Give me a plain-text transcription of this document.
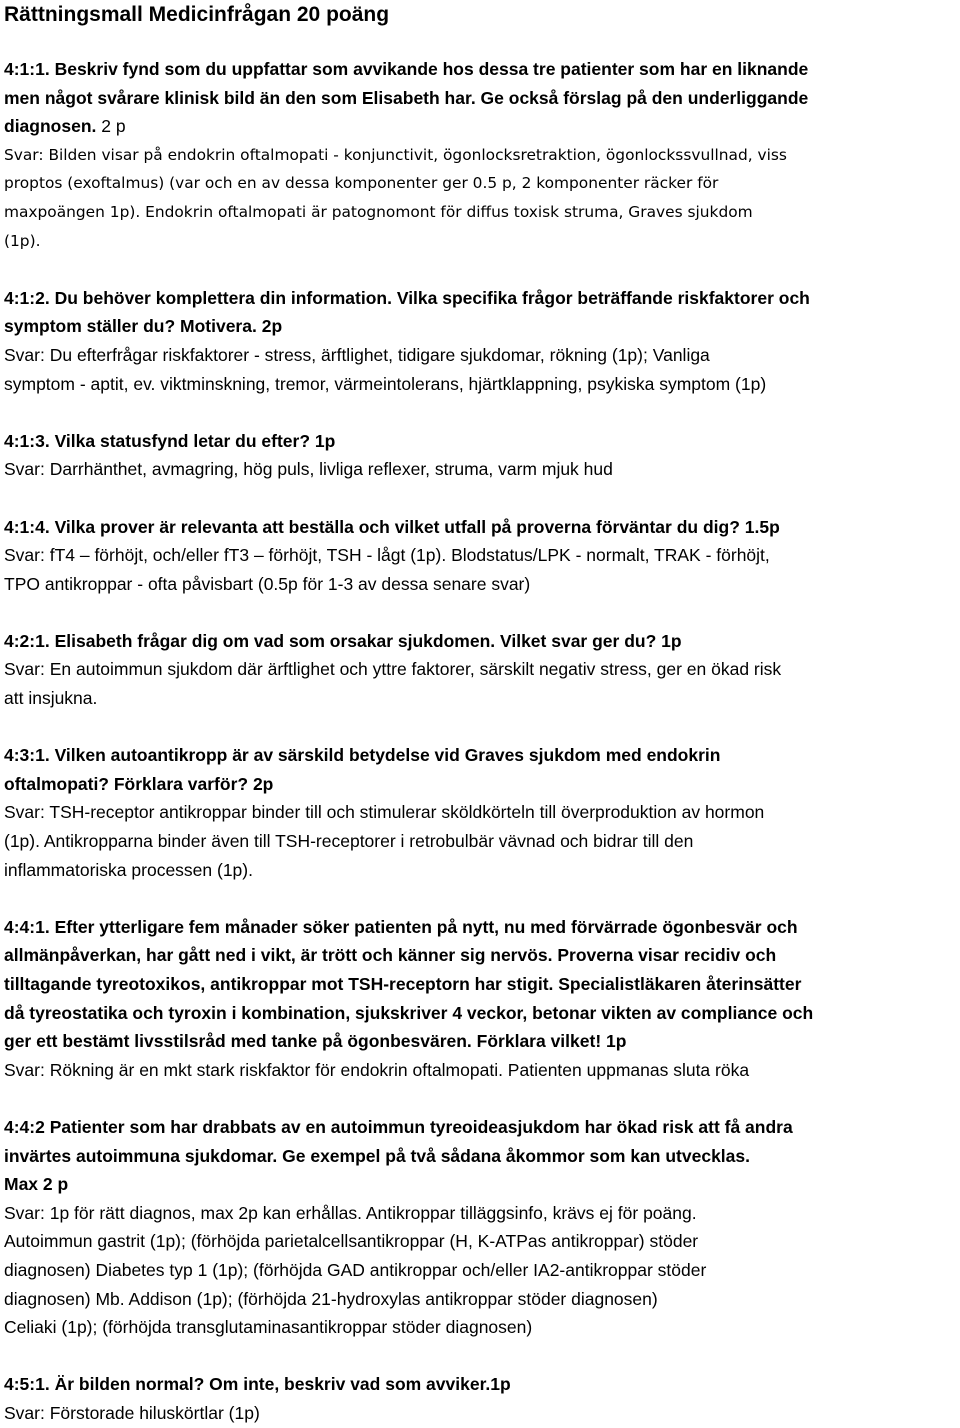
Rättningsmall Medicinfrågan 20 poäng
4:1:1. Beskriv fynd som du uppfattar som avvikande hos dessa tre patienter som har en liknande
men något svårare klinisk bild än den som Elisabeth har. Ge också förslag på den underliggande
diagnosen. 2 p
Svar: Bilden visar på endokrin oftalmopati - konjunctivit, ögonlocksretraktion, ögonlockssvullnad, viss
proptos (exoftalmus) (var och en av dessa komponenter ger 0.5 p, 2 komponenter räcker för
maxpoängen 1p). Endokrin oftalmopati är patognomont för diffus toxisk struma, Graves sjukdom
(1p).
4:1:2. Du behöver komplettera din information. Vilka specifika frågor beträffande riskfaktorer och
symptom ställer du? Motivera. 2p
Svar: Du efterfrågar riskfaktorer - stress, ärftlighet, tidigare sjukdomar, rökning (1p); Vanliga
symptom - aptit, ev. viktminskning, tremor, värmeintolerans, hjärtklappning, psykiska symptom (1p)
4:1:3. Vilka statusfynd letar du efter? 1p
Svar: Darrhänthet, avmagring, hög puls, livliga reflexer, struma, varm mjuk hud
4:1:4. Vilka prover är relevanta att beställa och vilket utfall på proverna förväntar du dig? 1.5p
Svar: fT4 – förhöjt, och/eller fT3 – förhöjt, TSH - lågt (1p). Blodstatus/LPK - normalt, TRAK - förhöjt,
TPO antikroppar - ofta påvisbart (0.5p för 1-3 av dessa senare svar)
4:2:1. Elisabeth frågar dig om vad som orsakar sjukdomen. Vilket svar ger du? 1p
Svar: En autoimmun sjukdom där ärftlighet och yttre faktorer, särskilt negativ stress, ger en ökad risk
att insjukna.
4:3:1. Vilken autoantikropp är av särskild betydelse vid Graves sjukdom med endokrin
oftalmopati? Förklara varför? 2p
Svar: TSH-receptor antikroppar binder till och stimulerar sköldkörteln till överproduktion av hormon
(1p). Antikropparna binder även till TSH-receptorer i retrobulbär vävnad och bidrar till den
inflammatoriska processen (1p).
4:4:1. Efter ytterligare fem månader söker patienten på nytt, nu med förvärrade ögonbesvär och
allmänpåverkan, har gått ned i vikt, är trött och känner sig nervös. Proverna visar recidiv och
tilltagande tyreotoxikos, antikroppar mot TSH-receptorn har stigit. Specialistläkaren återinsätter
då tyreostatika och tyroxin i kombination, sjukskriver 4 veckor, betonar vikten av compliance och
ger ett bestämt livsstilsråd med tanke på ögonbesvären. Förklara vilket! 1p
Svar: Rökning är en mkt stark riskfaktor för endokrin oftalmopati. Patienten uppmanas sluta röka
4:4:2 Patienter som har drabbats av en autoimmun tyreoideasjukdom har ökad risk att få andra
invärtes autoimmuna sjukdomar. Ge exempel på två sådana åkommor som kan utvecklas.
Max 2 p
Svar: 1p för rätt diagnos, max 2p kan erhållas. Antikroppar tilläggsinfo, krävs ej för poäng.
Autoimmun gastrit (1p); (förhöjda parietalcellsantikroppar (H, K-ATPas antikroppar) stöder
diagnosen) Diabetes typ 1 (1p); (förhöjda GAD antikroppar och/eller IA2-antikroppar stöder
diagnosen) Mb. Addison (1p); (förhöjda 21-hydroxylas antikroppar stöder diagnosen)
Celiaki (1p); (förhöjda transglutaminasantikroppar stöder diagnosen)
4:5:1. Är bilden normal? Om inte, beskriv vad som avviker.1p
Svar: Förstorade hiluskörtlar (1p)
